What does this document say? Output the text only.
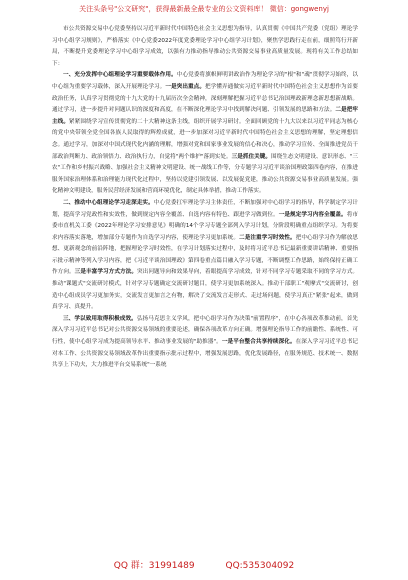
关注头条号"公文研究"，获得最新最全最专业的公文资料库！ 微信：gongwenyj

市公共资源交易中心党委坚持以习近平新时代中国特色社会主义思想为指导，认真贯彻《中国共产党委（党组）理论学习中心组学习规则》，严格落实《中心党委2022年度党委理论学习中心组学习计划》，聚焦学思践行走在前，细照笃行开新局，不断提升党委理论学习中心组学习成效，以强有力推动指导推动公共资源交易事业高质量发展。现将有关工作总结如下：

一、充分发挥中心组理论学习重要载体作用。中心党委将旗帜鲜明讲政治作为理论学习的"根"和"魂"贯彻学习始终，以中心组为重要学习载体，深入开展理论学习。一是突出重点。把学懂弄通做实习近平新时代中国特色社会主义思想作为首要政治任务，认真学习贯彻党的十九大党的十九届历次全会精神，深刻理解把握习近平总书记治国理政新理念新思想新战略。通过学习，进一步提升对问题认识的深度和高度，在不断深化理论学习中找到解决问题、引领发展的思路和方法。二是把牢主线。紧紧围绕学习宣传贯彻党的二十大精神这条主线，组织开展学习研讨。全面回顾党的十九大以来以习近平同志为核心的党中央带领全党全国各族人民取得的辉煌成就，进一步加深对习近平新时代中国特色社会主义思想的理解，坚定理想信念。通过学习，加深对中国式现代化内涵的理解，增强对党和国家事业发展的信心和决心，推动学习宣传、全面推进党员干部政治判断力、政治领悟力、政治执行力，自觉将"两个维护"落到实处。三是抓住关键。围绕生态文明建设、意识形态、"三农"工作和乡村振兴战略、加强社会主义精神文明建设、统一战线工作等，分专题学习习近平谈治国理政第四卷内容，在推进服务国家治理体系和治理能力现代化过程中，坚持以党建引领发展、以发展促党建，推动公共资源交易事业高质量发展。强化精神文明建设，服务民营经济发展和营商环境优化，制定具体举措，推动工作落实。

二、推动中心组理论学习走深走实。中心党委扛牢理论学习主体责任，不断加强对中心组学习的指导，科学制定学习计划，提高学习党政性和实效性，做到规定内容全覆盖、自选内容有特色、跟进学习做到位。一是规定学习内容全覆盖。将市委市直机关工委《2022年理论学习安排意见》明确的14个学习专题全部列入学习计划，分阶段明确重点组织学习。为将要求内容落实落地，增加部分专题作为自选学习内容，使理论学习更加系统。二是注重学习时效性。把中心组学习作为解放思想、更新观念的前沿阵地，把握理论学习时效性，在学习计划落实过程中，及时将习近平总书记最新重要讲话精神、重要指示批示精神等列入学习内容，把《习近平谈治国理政》第四卷重点篇目融入学习专题，不断调整工作思路，始终保持正确工作方向。三是丰富学习方式方法。突出问题导向和效果导向，着眼提高学习成效，针对不同学习专题采取不同的学习方式。推动"课题式"交流研讨模式，针对学习专题确定交流研讨题目，使学习更加系统深入。推动干部职工"观摩式"交流研讨，创造中心组成员学习更加务实，交流发言更加言之有物，解决了交流发言走形式、走过场问题，使学习真正"紧张"起来，做到真学习、真提升。

三、学以致用取得积极成效。弘扬马克思主义学风，把中心组学习作为决策"前置程序"，在中心各项改革推动前，首先深入学习习近平总书记对公共资源交易领域的重要论述，确保各项改革方向正确。增强理论指导工作的前瞻性、系统性、可行性，使中心组学习成为提高领导水平、推动事业发展的"助推器"。一是平台整合共享持续深化。在深入学习习近平总书记对本工作、公共资源交易领域改革作出重要指示批示过程中，增强发展思路，优化发展路径，在服务规范、技术统一、数据共享上下功夫，大力推进平台交易系统"一系统

QQ 群：31991489	QQ:535304092
